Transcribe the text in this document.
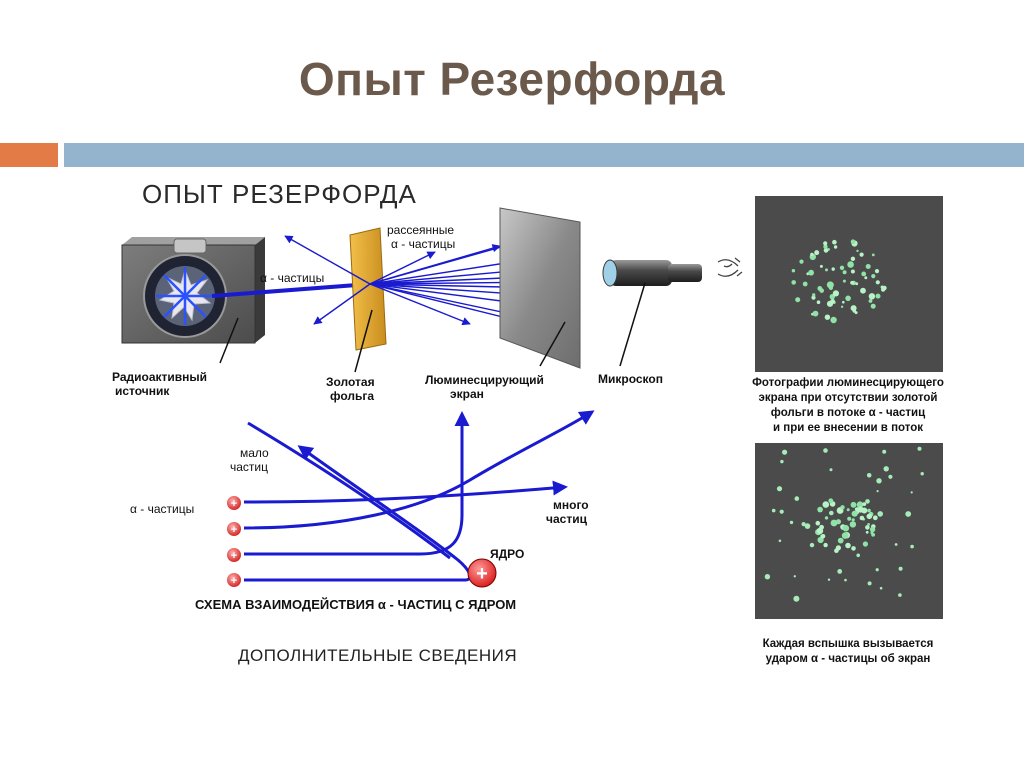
Опыт Резерфорда
ОПЫТ РЕЗЕРФОРДА
рассеянные
α - частицы
α - частицы
Радиоактивный
источник
Золотая
фольга
Люминесцирующий
экран
Микроскоп	Фотографии люминесцирующего
экрана при отсутствии золотой
фольги в потоке α - частиц
и при ее внесении в поток
Каждая вспышка вызывается
ударом α - частицы об экран
+
+
+
+	+
мало
частиц
α - частицы	много
частиц
ЯДРО
СХЕМА ВЗАИМОДЕЙСТВИЯ α - ЧАСТИЦ С ЯДРОМ
ДОПОЛНИТЕЛЬНЫЕ СВЕДЕНИЯ
